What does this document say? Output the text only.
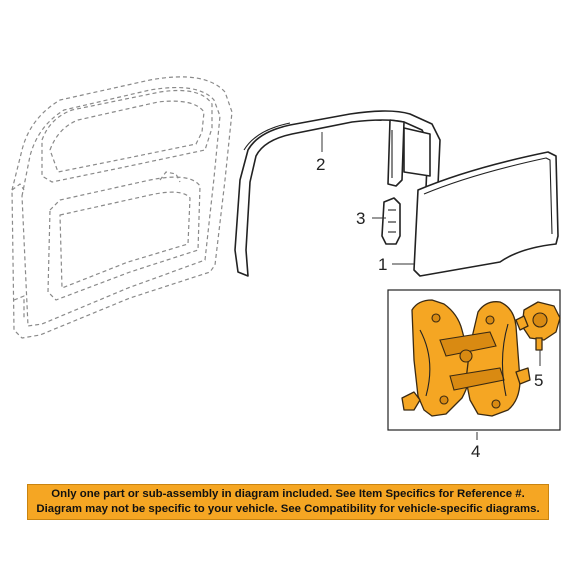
2
3
1
5
4
Only one part or sub-assembly in diagram included. See Item Specifics for Reference #.
Diagram may not be specific to your vehicle. See Compatibility for vehicle-specific diagrams.
